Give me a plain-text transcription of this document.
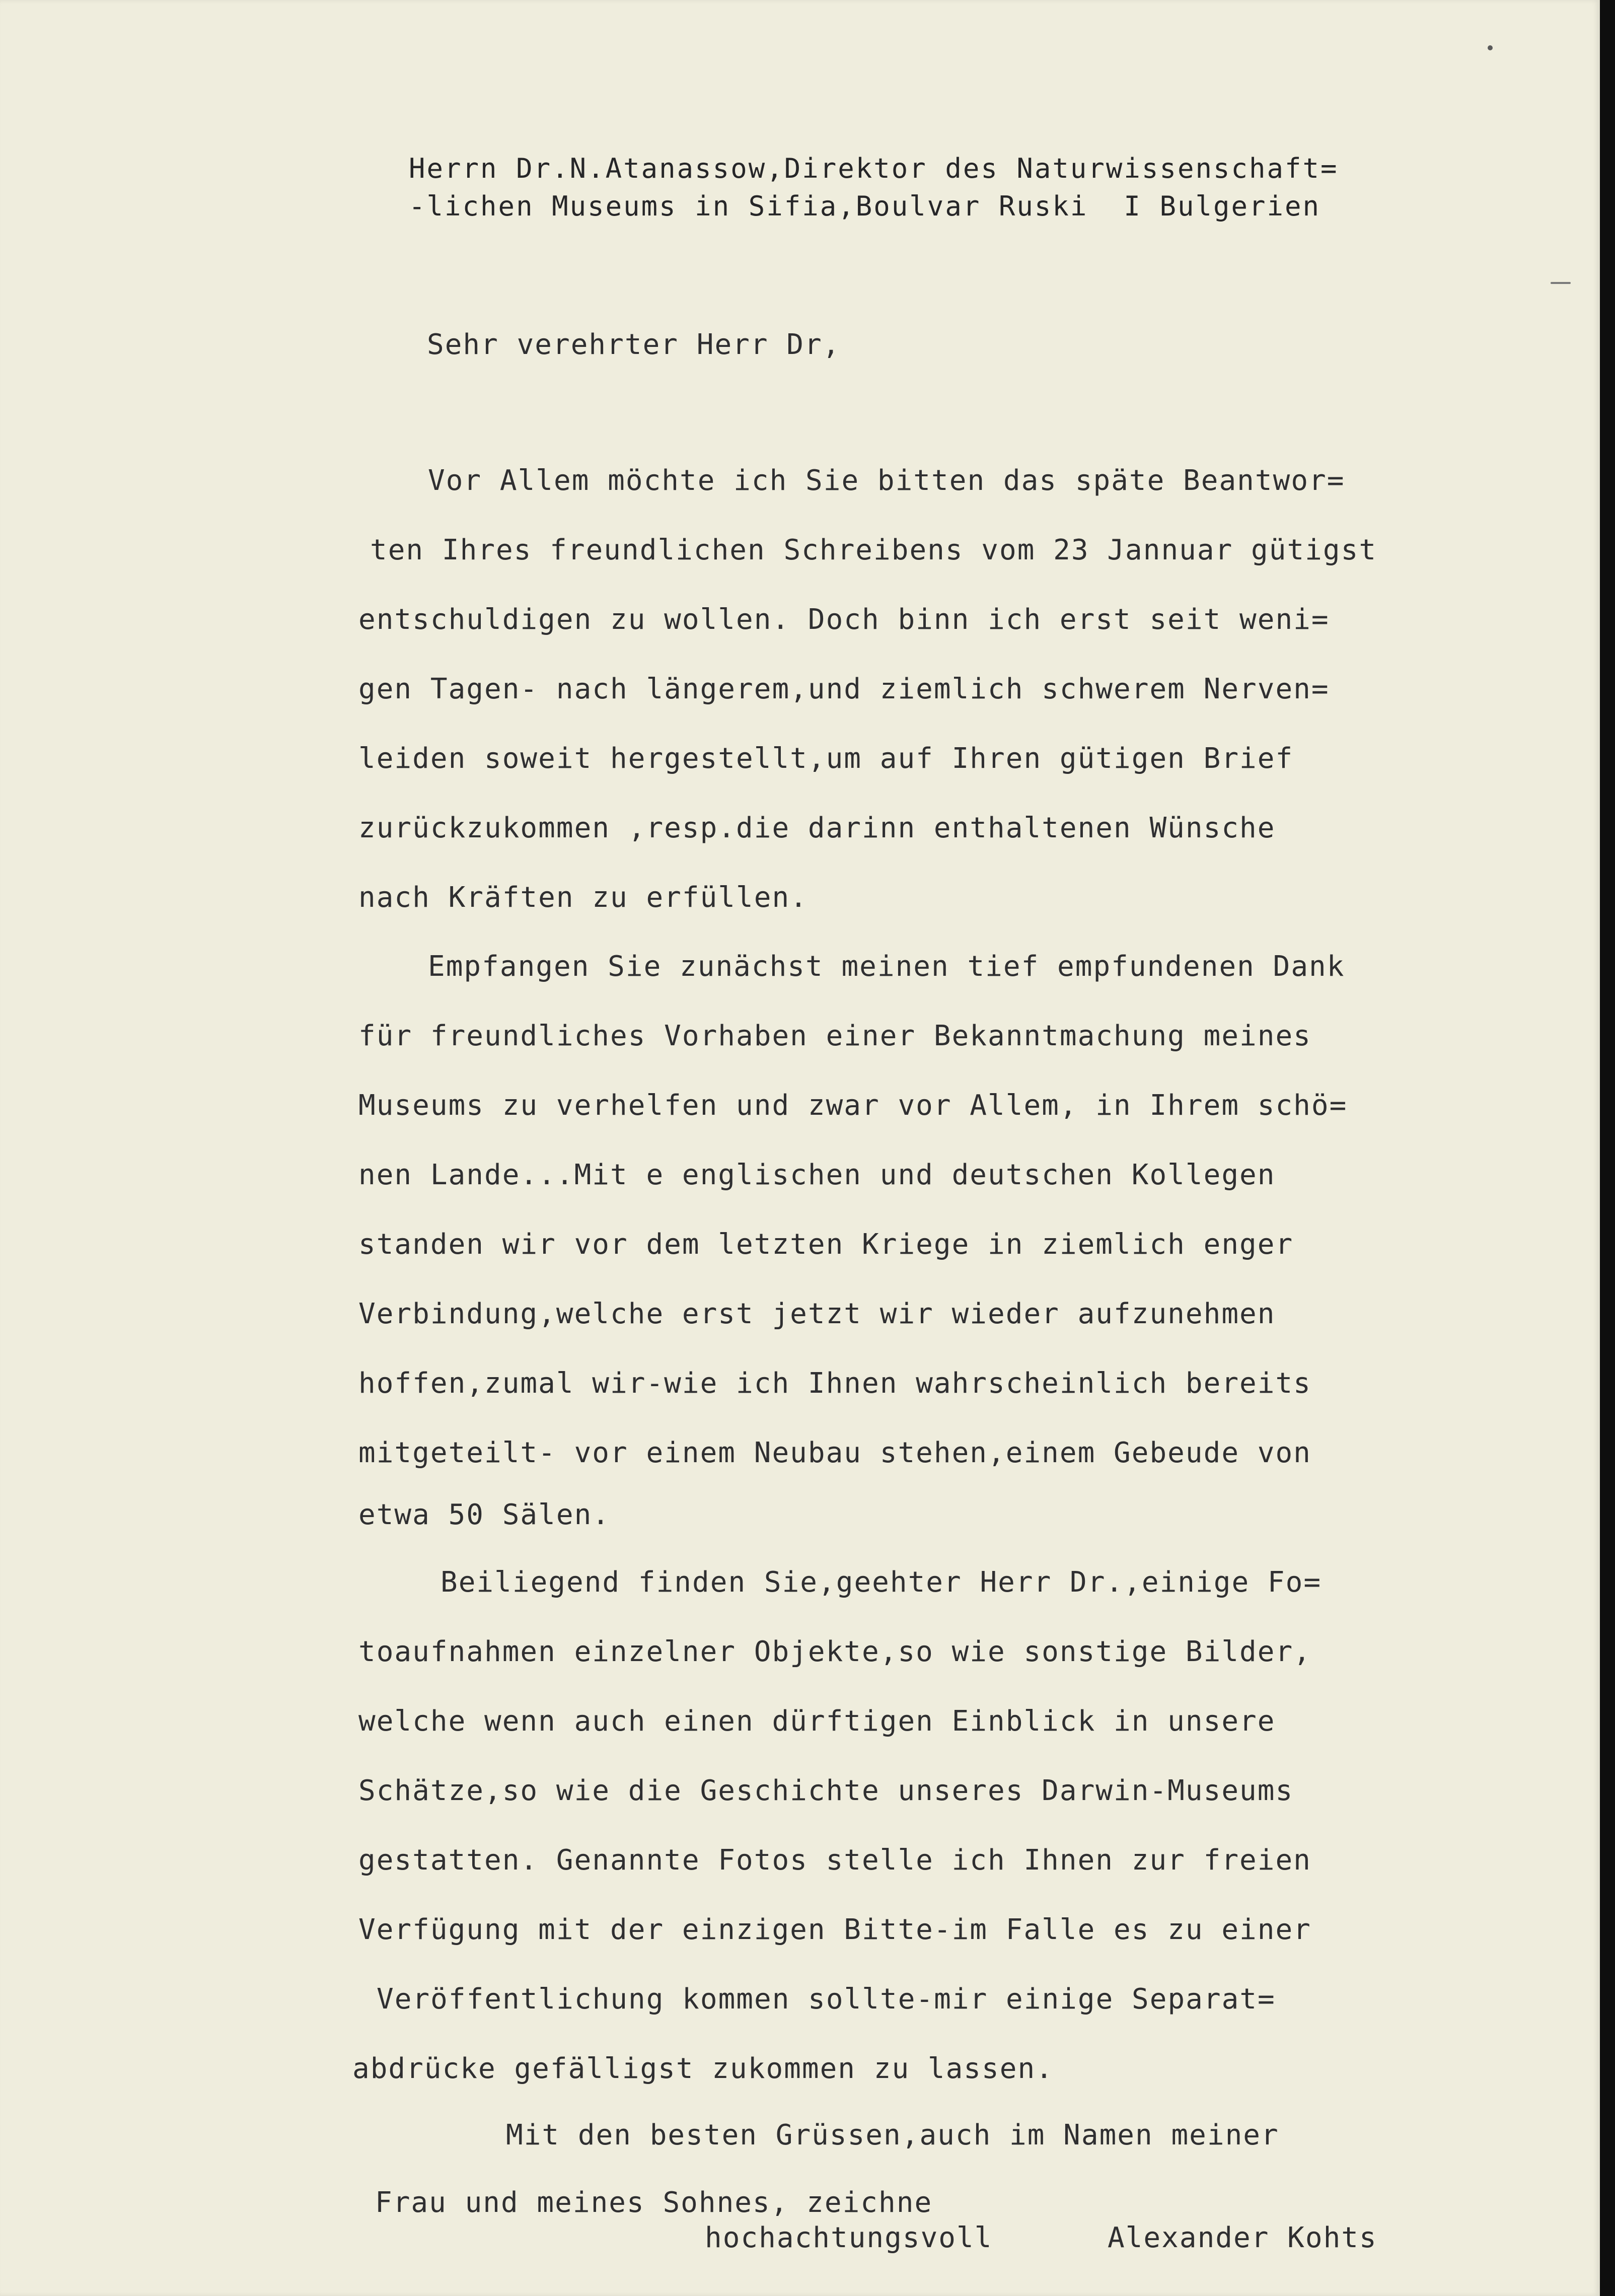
Herrn Dr.N.Atanassow,Direktor des Naturwissenschaft=

-lichen Museums in Sifia,Boulvar Ruski  I Bulgerien

Sehr verehrter Herr Dr,

Vor Allem möchte ich Sie bitten das späte Beantwor=

ten Ihres freundlichen Schreibens vom 23 Jannuar gütigst

entschuldigen zu wollen. Doch binn ich erst seit weni=

gen Tagen- nach längerem,und ziemlich schwerem Nerven=

leiden soweit hergestellt,um auf Ihren gütigen Brief

zurückzukommen ,resp.die darinn enthaltenen Wünsche

nach Kräften zu erfüllen.

Empfangen Sie zunächst meinen tief empfundenen Dank

für freundliches Vorhaben einer Bekanntmachung meines

Museums zu verhelfen und zwar vor Allem, in Ihrem schö=

nen Lande...Mit e englischen und deutschen Kollegen

standen wir vor dem letzten Kriege in ziemlich enger

Verbindung,welche erst jetzt wir wieder aufzunehmen

hoffen,zumal wir-wie ich Ihnen wahrscheinlich bereits

mitgeteilt- vor einem Neubau stehen,einem Gebeude von

etwa 50 Sälen.

Beiliegend finden Sie,geehter Herr Dr.,einige Fo=

toaufnahmen einzelner Objekte,so wie sonstige Bilder,

welche wenn auch einen dürftigen Einblick in unsere

Schätze,so wie die Geschichte unseres Darwin-Museums

gestatten. Genannte Fotos stelle ich Ihnen zur freien

Verfügung mit der einzigen Bitte-im Falle es zu einer

Veröffentlichung kommen sollte-mir einige Separat=

abdrücke gefälligst zukommen zu lassen.

Mit den besten Grüssen,auch im Namen meiner

Frau und meines Sohnes, zeichne

hochachtungsvoll	Alexander Kohts
